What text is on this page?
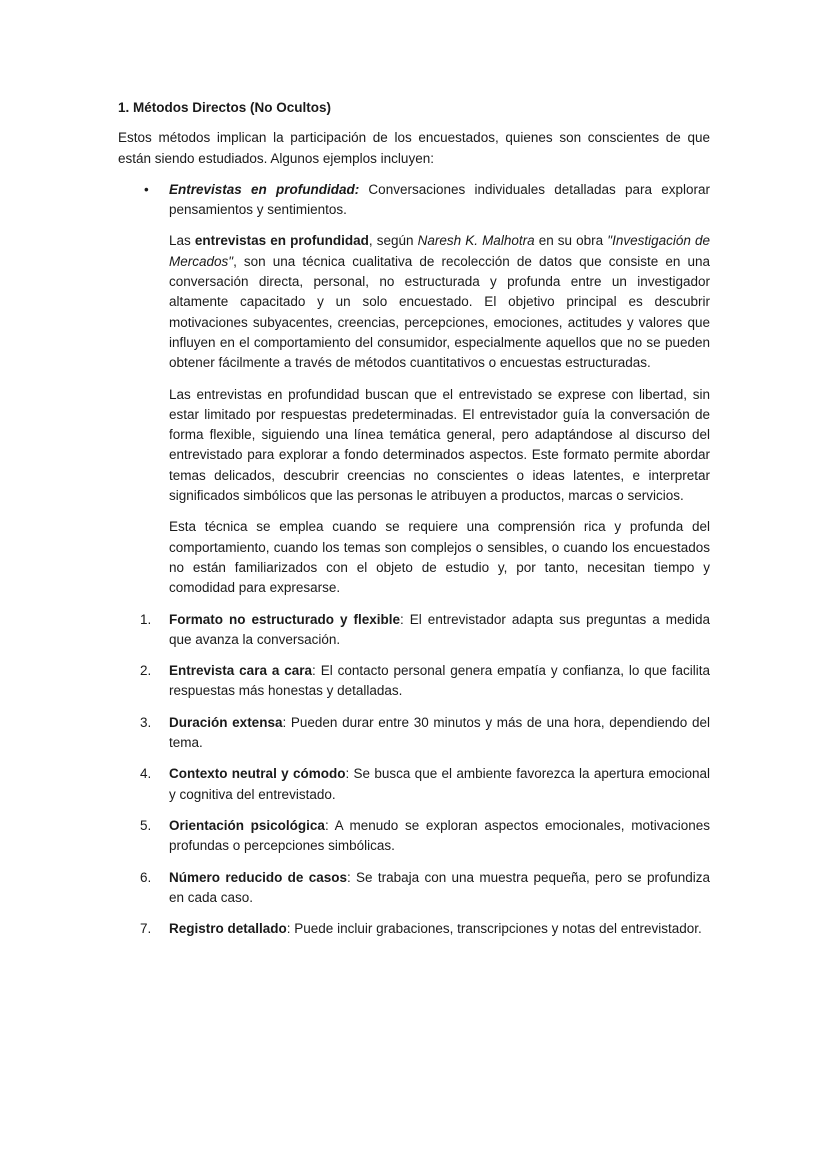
1. Métodos Directos (No Ocultos)

Estos métodos implican la participación de los encuestados, quienes son conscientes de que están siendo estudiados. Algunos ejemplos incluyen:

• Entrevistas en profundidad: Conversaciones individuales detalladas para explorar pensamientos y sentimientos.

Las entrevistas en profundidad, según Naresh K. Malhotra en su obra "Investigación de Mercados", son una técnica cualitativa de recolección de datos que consiste en una conversación directa, personal, no estructurada y profunda entre un investigador altamente capacitado y un solo encuestado. El objetivo principal es descubrir motivaciones subyacentes, creencias, percepciones, emociones, actitudes y valores que influyen en el comportamiento del consumidor, especialmente aquellos que no se pueden obtener fácilmente a través de métodos cuantitativos o encuestas estructuradas.

Las entrevistas en profundidad buscan que el entrevistado se exprese con libertad, sin estar limitado por respuestas predeterminadas. El entrevistador guía la conversación de forma flexible, siguiendo una línea temática general, pero adaptándose al discurso del entrevistado para explorar a fondo determinados aspectos. Este formato permite abordar temas delicados, descubrir creencias no conscientes o ideas latentes, e interpretar significados simbólicos que las personas le atribuyen a productos, marcas o servicios.

Esta técnica se emplea cuando se requiere una comprensión rica y profunda del comportamiento, cuando los temas son complejos o sensibles, o cuando los encuestados no están familiarizados con el objeto de estudio y, por tanto, necesitan tiempo y comodidad para expresarse.

1. Formato no estructurado y flexible: El entrevistador adapta sus preguntas a medida que avanza la conversación.
2. Entrevista cara a cara: El contacto personal genera empatía y confianza, lo que facilita respuestas más honestas y detalladas.
3. Duración extensa: Pueden durar entre 30 minutos y más de una hora, dependiendo del tema.
4. Contexto neutral y cómodo: Se busca que el ambiente favorezca la apertura emocional y cognitiva del entrevistado.
5. Orientación psicológica: A menudo se exploran aspectos emocionales, motivaciones profundas o percepciones simbólicas.
6. Número reducido de casos: Se trabaja con una muestra pequeña, pero se profundiza en cada caso.
7. Registro detallado: Puede incluir grabaciones, transcripciones y notas del entrevistador.
